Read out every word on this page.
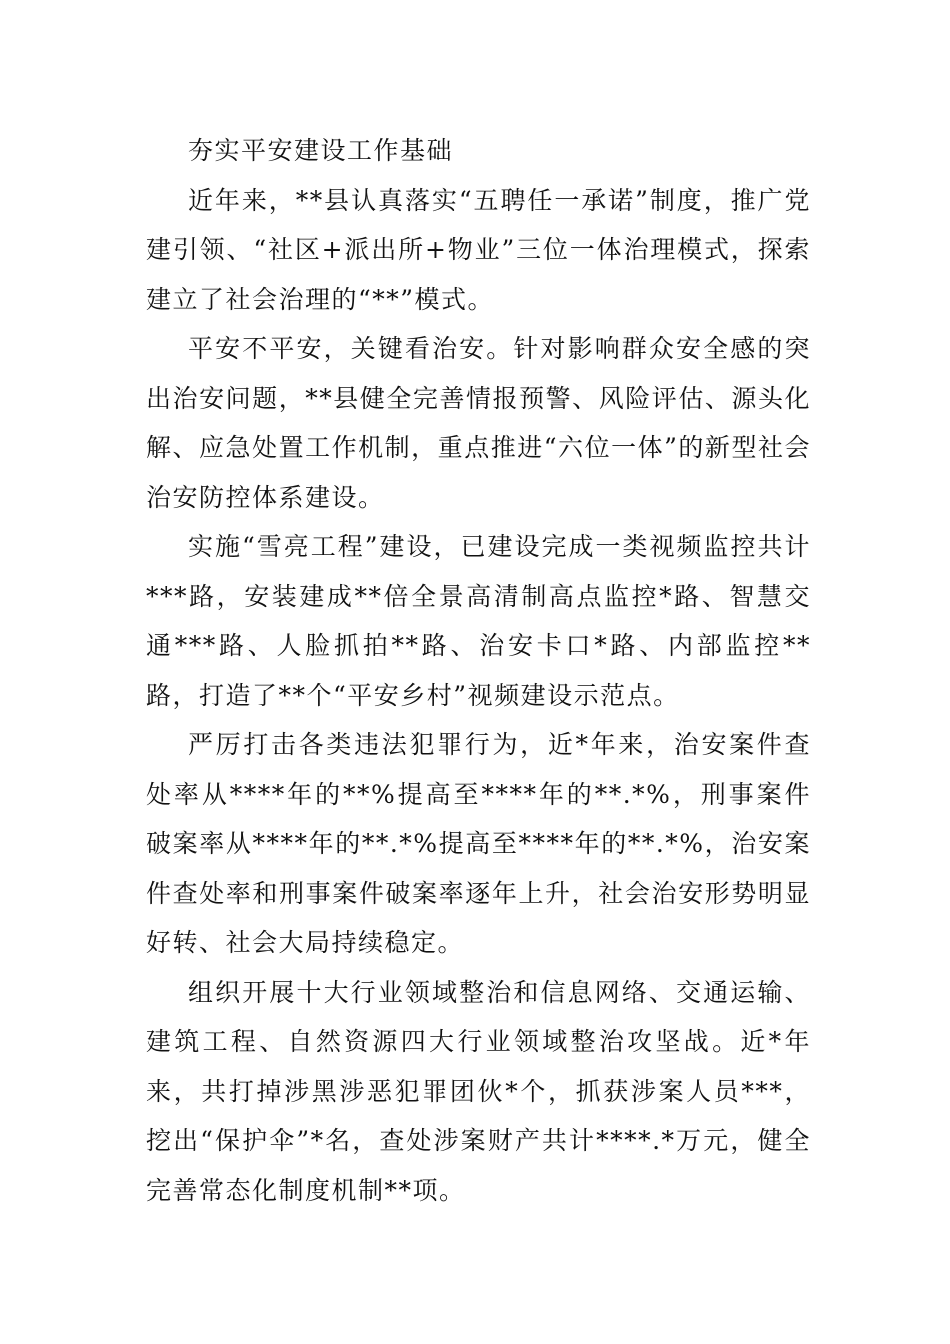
夯实平安建设工作基础

近年来，**县认真落实“五聘任一承诺”制度，推广党建引领、“社区+派出所+物业”三位一体治理模式，探索建立了社会治理的“**”模式。

平安不平安，关键看治安。针对影响群众安全感的突出治安问题，**县健全完善情报预警、风险评估、源头化解、应急处置工作机制，重点推进“六位一体”的新型社会治安防控体系建设。

实施“雪亮工程”建设，已建设完成一类视频监控共计***路，安装建成**倍全景高清制高点监控*路、智慧交通***路、人脸抓拍**路、治安卡口*路、内部监控**路，打造了**个“平安乡村”视频建设示范点。

严厉打击各类违法犯罪行为，近*年来，治安案件查处率从****年的**%提高至****年的**.*%，刑事案件破案率从****年的**.*%提高至****年的**.*%，治安案件查处率和刑事案件破案率逐年上升，社会治安形势明显好转、社会大局持续稳定。

组织开展十大行业领域整治和信息网络、交通运输、建筑工程、自然资源四大行业领域整治攻坚战。近*年来，共打掉涉黑涉恶犯罪团伙*个，抓获涉案人员***，挖出“保护伞”*名，查处涉案财产共计****.*万元，健全完善常态化制度机制**项。
